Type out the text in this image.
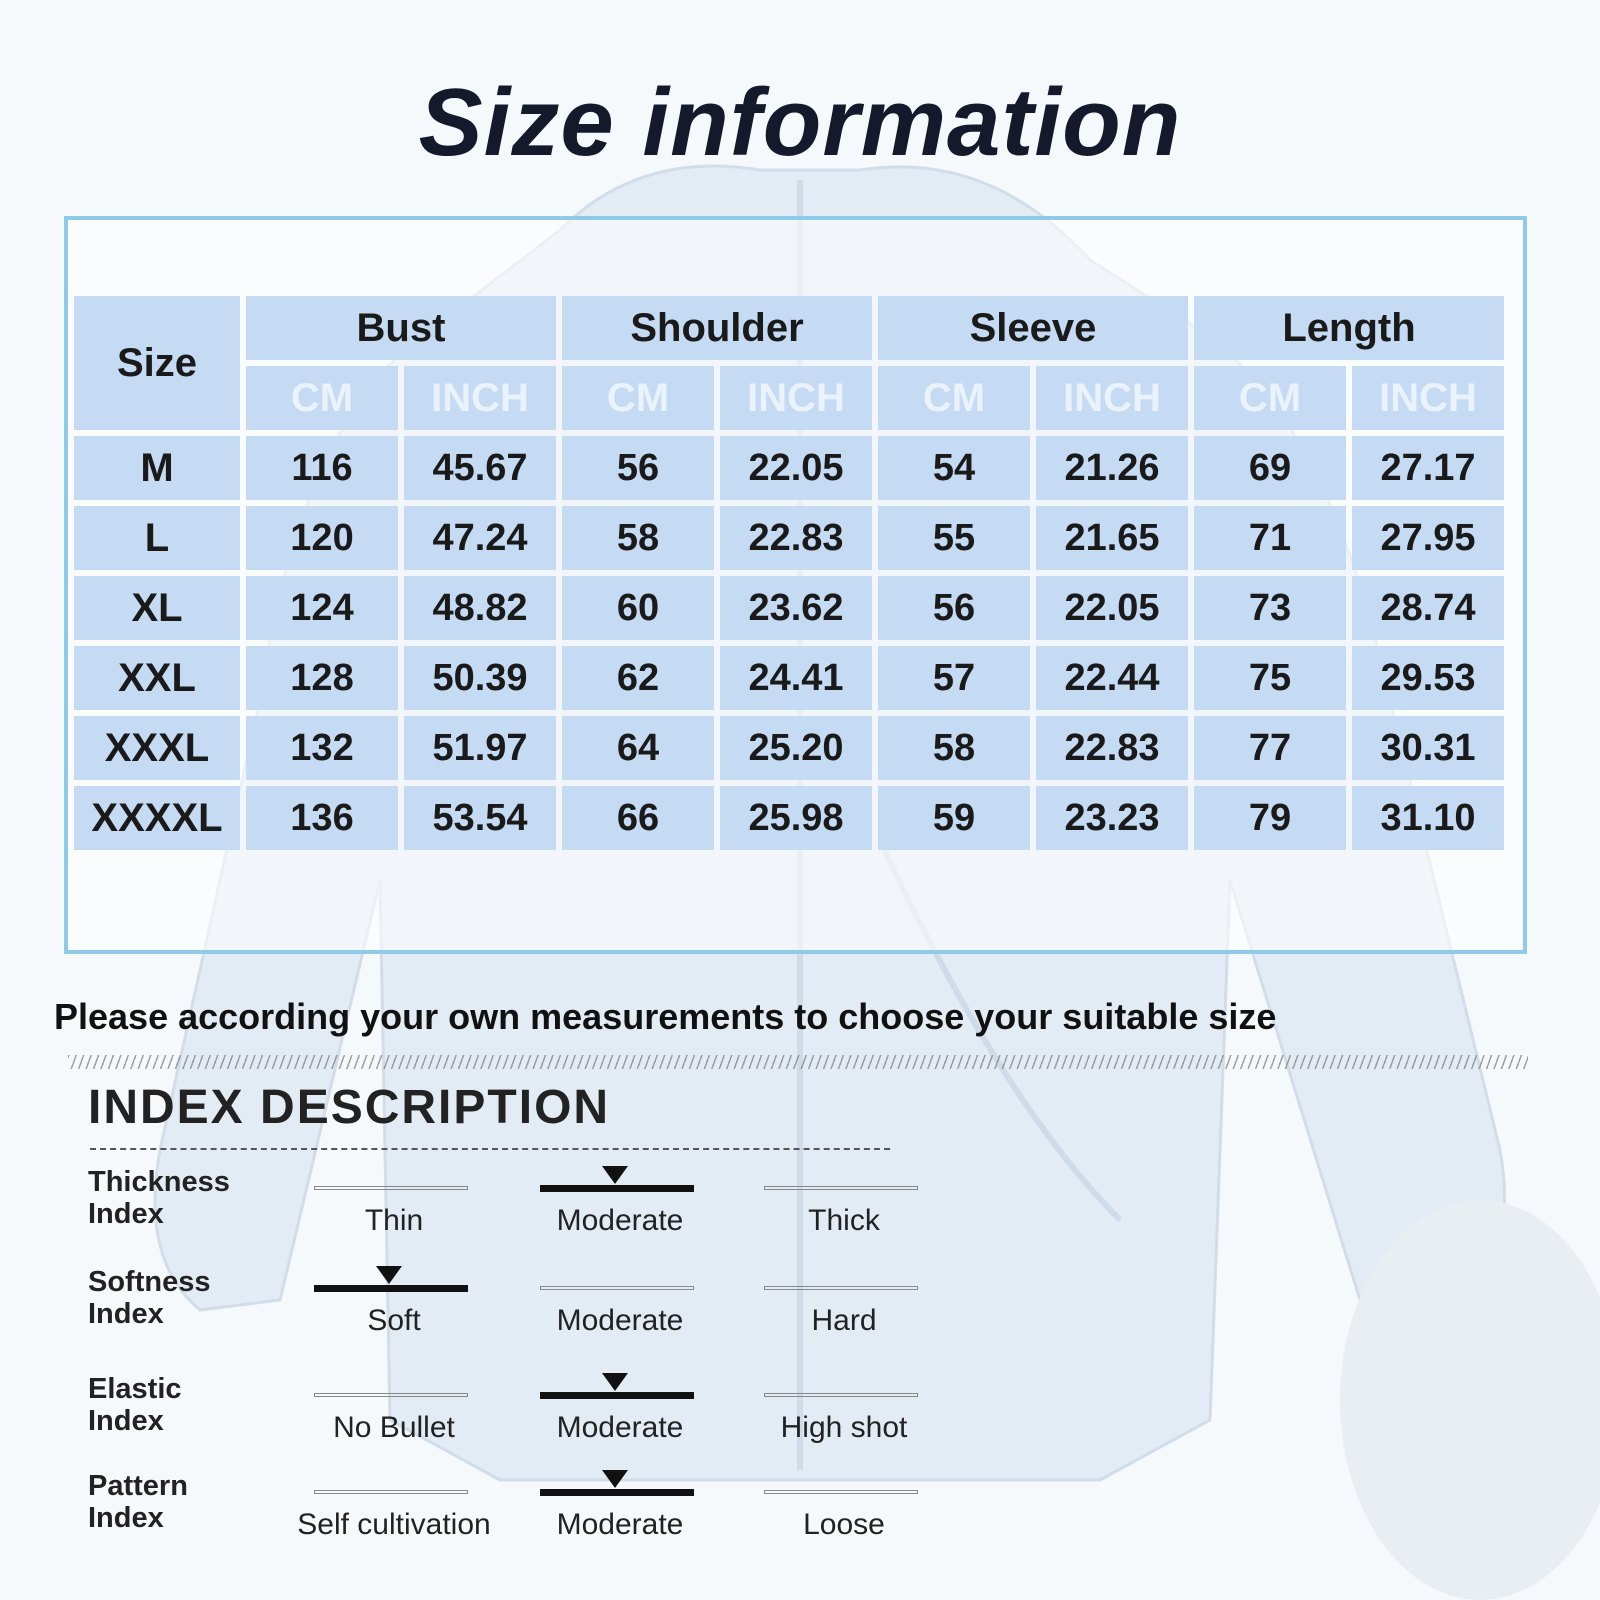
Size information
Size	Bust		Shoulder		Sleeve		Length	
	CM	INCH	CM	INCH	CM	INCH	CM	INCH
M	116	45.67	56	22.05	54	21.26	69	27.17
L	120	47.24	58	22.83	55	21.65	71	27.95
XL	124	48.82	60	23.62	56	22.05	73	28.74
XXL	128	50.39	62	24.41	57	22.44	75	29.53
XXXL	132	51.97	64	25.20	58	22.83	77	30.31
XXXXL	136	53.54	66	25.98	59	23.23	79	31.10
Please according your own measurements to choose your suitable size
INDEX DESCRIPTION
Thickness
Index	Thin	Moderate	Thick
Softness
Index	Soft	Moderate	Hard
Elastic
Index	No Bullet	Moderate	High shot
Pattern
Index	Self cultivation	Moderate	Loose
